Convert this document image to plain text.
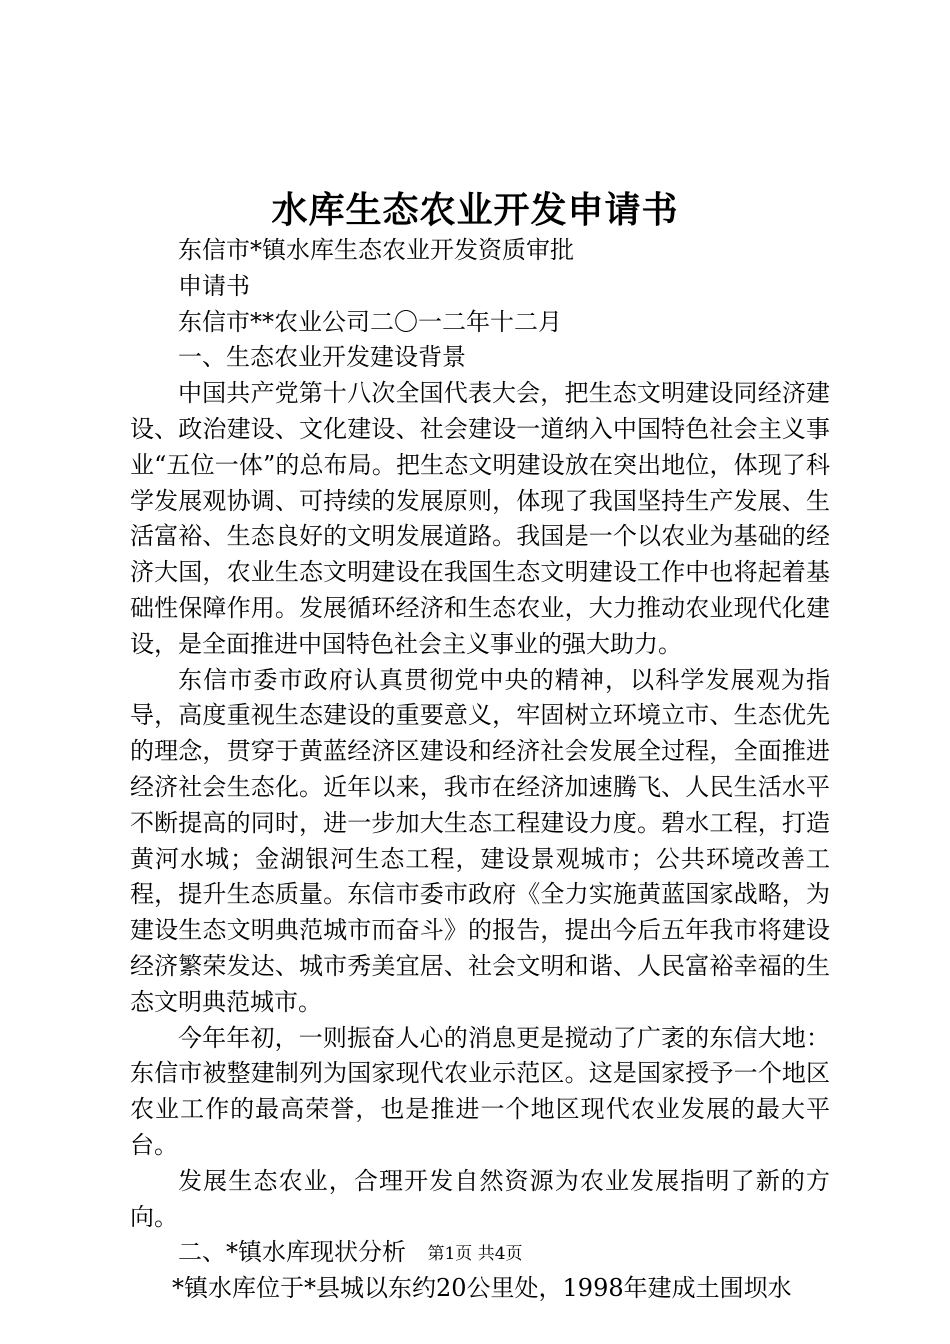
水库生态农业开发申请书

东信市*镇水库生态农业开发资质审批

申请书

东信市**农业公司二〇一二年十二月

一、生态农业开发建设背景

中国共产党第十八次全国代表大会，把生态文明建设同经济建设、政治建设、文化建设、社会建设一道纳入中国特色社会主义事业“五位一体”的总布局。把生态文明建设放在突出地位，体现了科学发展观协调、可持续的发展原则，体现了我国坚持生产发展、生活富裕、生态良好的文明发展道路。我国是一个以农业为基础的经济大国，农业生态文明建设在我国生态文明建设工作中也将起着基础性保障作用。发展循环经济和生态农业，大力推动农业现代化建设，是全面推进中国特色社会主义事业的强大助力。

东信市委市政府认真贯彻党中央的精神，以科学发展观为指导，高度重视生态建设的重要意义，牢固树立环境立市、生态优先的理念，贯穿于黄蓝经济区建设和经济社会发展全过程，全面推进经济社会生态化。近年以来，我市在经济加速腾飞、人民生活水平不断提高的同时，进一步加大生态工程建设力度。碧水工程，打造黄河水城；金湖银河生态工程，建设景观城市；公共环境改善工程，提升生态质量。东信市委市政府《全力实施黄蓝国家战略，为建设生态文明典范城市而奋斗》的报告，提出今后五年我市将建设经济繁荣发达、城市秀美宜居、社会文明和谐、人民富裕幸福的生态文明典范城市。

今年年初，一则振奋人心的消息更是搅动了广袤的东信大地：东信市被整建制列为国家现代农业示范区。这是国家授予一个地区农业工作的最高荣誉，也是推进一个地区现代农业发展的最大平台。

发展生态农业，合理开发自然资源为农业发展指明了新的方向。

二、*镇水库现状分析

*镇水库位于*县城以东约20公里处，1998年建成土围坝水

第1页 共4页
